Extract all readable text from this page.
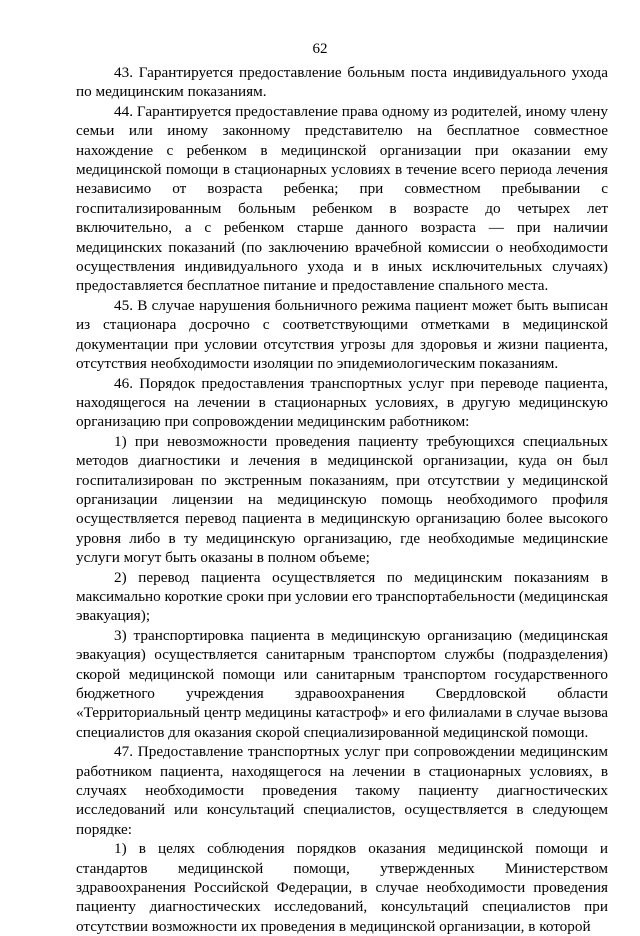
62

43. Гарантируется предоставление больным поста индивидуального ухода по медицинским показаниям.

44. Гарантируется предоставление права одному из родителей, иному члену семьи или иному законному представителю на бесплатное совместное нахождение с ребенком в медицинской организации при оказании ему медицинской помощи в стационарных условиях в течение всего периода лечения независимо от возраста ребенка; при совместном пребывании с госпитализированным больным ребенком в возрасте до четырех лет включительно, а с ребенком старше данного возраста — при наличии медицинских показаний (по заключению врачебной комиссии о необходимости осуществления индивидуального ухода и в иных исключительных случаях) предоставляется бесплатное питание и предоставление спального места.

45. В случае нарушения больничного режима пациент может быть выписан из стационара досрочно с соответствующими отметками в медицинской документации при условии отсутствия угрозы для здоровья и жизни пациента, отсутствия необходимости изоляции по эпидемиологическим показаниям.

46. Порядок предоставления транспортных услуг при переводе пациента, находящегося на лечении в стационарных условиях, в другую медицинскую организацию при сопровождении медицинским работником:

1) при невозможности проведения пациенту требующихся специальных методов диагностики и лечения в медицинской организации, куда он был госпитализирован по экстренным показаниям, при отсутствии у медицинской организации лицензии на медицинскую помощь необходимого профиля осуществляется перевод пациента в медицинскую организацию более высокого уровня либо в ту медицинскую организацию, где необходимые медицинские услуги могут быть оказаны в полном объеме;

2) перевод пациента осуществляется по медицинским показаниям в максимально короткие сроки при условии его транспортабельности (медицинская эвакуация);

3) транспортировка пациента в медицинскую организацию (медицинская эвакуация) осуществляется санитарным транспортом службы (подразделения) скорой медицинской помощи или санитарным транспортом государственного бюджетного учреждения здравоохранения Свердловской области «Территориальный центр медицины катастроф» и его филиалами в случае вызова специалистов для оказания скорой специализированной медицинской помощи.

47. Предоставление транспортных услуг при сопровождении медицинским работником пациента, находящегося на лечении в стационарных условиях, в случаях необходимости проведения такому пациенту диагностических исследований или консультаций специалистов, осуществляется в следующем порядке:

1) в целях соблюдения порядков оказания медицинской помощи и стандартов медицинской помощи, утвержденных Министерством здравоохранения Российской Федерации, в случае необходимости проведения пациенту диагностических исследований, консультаций специалистов при отсутствии возможности их проведения в медицинской организации, в которой
